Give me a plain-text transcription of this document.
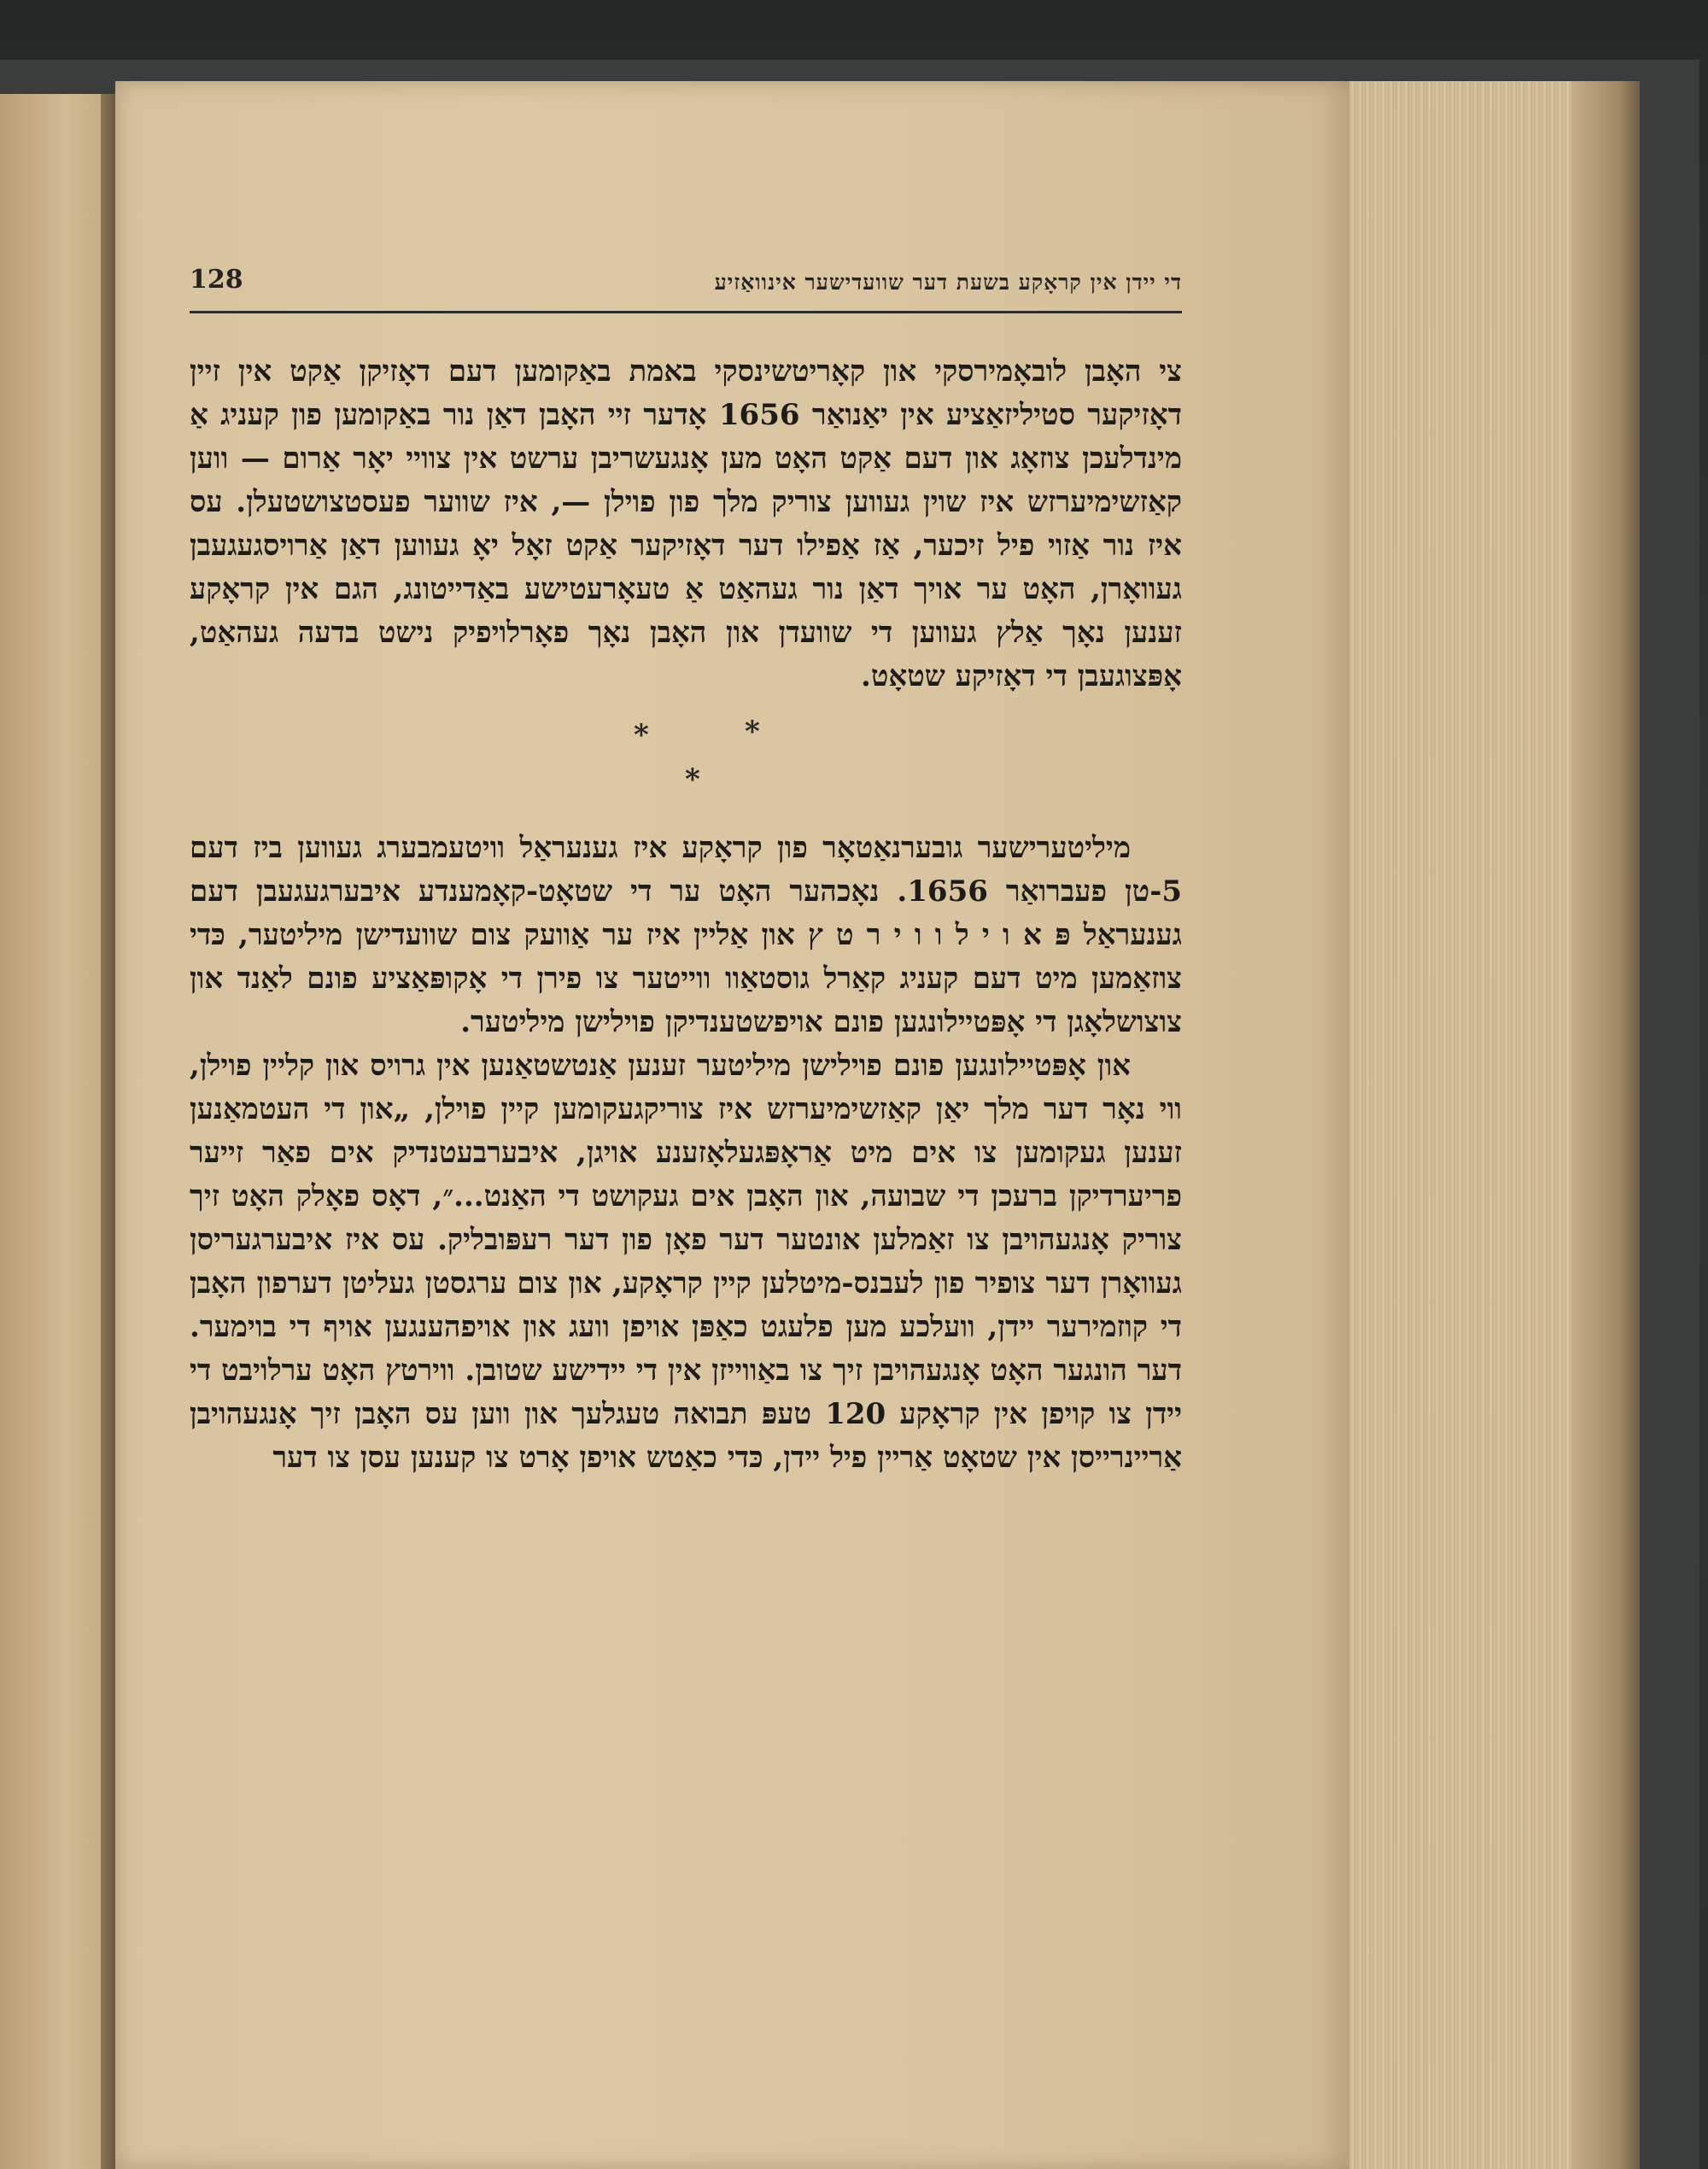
די יידן אין קראָקע בשעת דער שוועדישער אינוואַזיע
128

צי האָבן לובאָמירסקי און קאָריטשינסקי באמת באַקומען דעם דאָזיקן אַקט אין זיין דאָזיקער סטיליזאַציע אין יאַנואַר 1656 אָדער זיי האָבן דאַן נור באַקומען פון קעניג אַ מינדלעכן צוזאָג און דעם אַקט האָט מען אָנגעשריבן ערשט אין צוויי יאָר אַרום — ווען קאַזשימיערזש איז שוין געווען צוריק מלך פון פוילן —, איז שווער פעסטצושטעלן. עס איז נור אַזוי פיל זיכער, אַז אַפילו דער דאָזיקער אַקט זאָל יאָ געווען דאַן אַרויסגעגעבן געוואָרן, האָט ער אויך דאַן נור געהאַט אַ טעאָרעטישע באַדייטונג, הגם אין קראָקע זענען נאָך אַלץ געווען די שוועדן און האָבן נאָך פאָרלויפיק נישט בדעה געהאַט, אָפּצוגעבן די דאָזיקע שטאָט.

*	*
*

מיליטערישער גובערנאַטאָר פון קראָקע איז גענעראַל וויטעמבערג געווען ביז דעם 5-טן פעברואַר 1656. נאָכהער האָט ער די שטאָט-קאָמענדע איבערגעגעבן דעם גענעראַל פּ א ו י ל ו ו י ר ט ץ און אַליין איז ער אַוועק צום שוועדישן מיליטער, כּדי צוזאַמען מיט דעם קעניג קאַרל גוסטאַוו ווייטער צו פירן די אָקופּאַציע פונם לאַנד און צוצושלאָגן די אָפּטיילונגען פונם אויפשטענדיקן פוילישן מיליטער.

און אָפּטיילונגען פונם פוילישן מיליטער זענען אַנטשטאַנען אין גרויס און קליין פוילן, ווי נאָר דער מלך יאַן קאַזשימיערזש איז צוריקגעקומען קיין פוילן, „און די העטמאַנען זענען געקומען צו אים מיט אַראָפּגעלאָזענע אויגן, איבערבעטנדיק אים פאַר זייער פריערדיקן ברעכן די שבועה, און האָבן אים געקושט די האַנט...״, דאָס פאָלק האָט זיך צוריק אָנגעהויבן צו זאַמלען אונטער דער פאָן פון דער רעפּובליק. עס איז איבערגעריסן געוואָרן דער צופיר פון לעבנס-מיטלען קיין קראָקע, און צום ערגסטן געליטן דערפון האָבן די קוזמירער יידן, וועלכע מען פלעגט כאַפּן אויפן וועג און אויפהענגען אויף די בוימער. דער הונגער האָט אָנגעהויבן זיך צו באַווייזן אין די יידישע שטובן. ווירטץ האָט ערלויבט די יידן צו קויפן אין קראָקע 120 טעפּ תבואה טעגלעך און ווען עס האָבן זיך אָנגעהויבן אַריינרייסן אין שטאָט אַריין פיל יידן, כּדי כאַטש אויפן אָרט צו קענען עסן צו דער
